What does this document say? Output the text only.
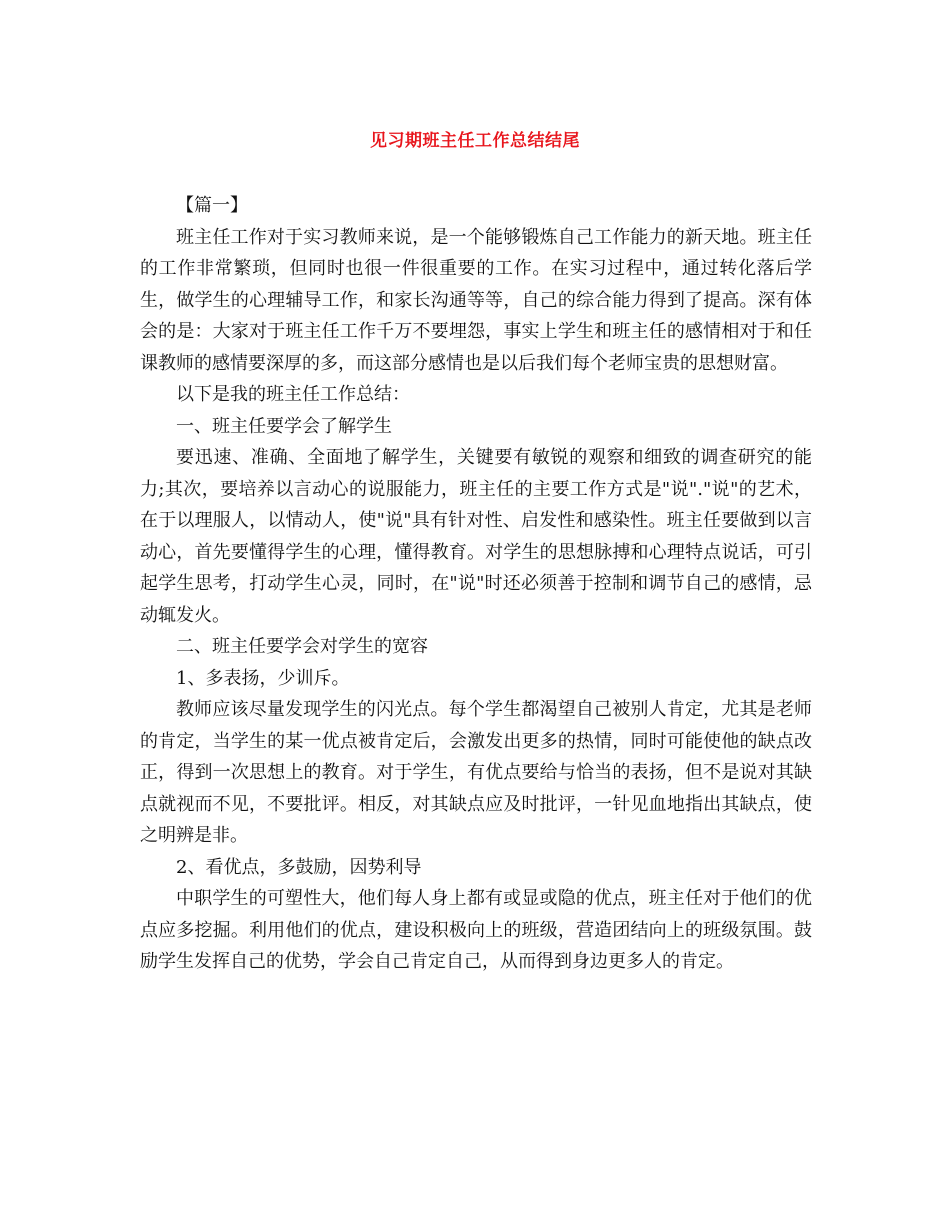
见习期班主任工作总结结尾

【篇一】

班主任工作对于实习教师来说，是一个能够锻炼自己工作能力的新天地。班主任的工作非常繁琐，但同时也很一件很重要的工作。在实习过程中，通过转化落后学生，做学生的心理辅导工作，和家长沟通等等，自己的综合能力得到了提高。深有体会的是：大家对于班主任工作千万不要埋怨，事实上学生和班主任的感情相对于和任课教师的感情要深厚的多，而这部分感情也是以后我们每个老师宝贵的思想财富。

以下是我的班主任工作总结：

一、班主任要学会了解学生

要迅速、准确、全面地了解学生，关键要有敏锐的观察和细致的调查研究的能力;其次，要培养以言动心的说服能力，班主任的主要工作方式是"说"."说"的艺术，在于以理服人，以情动人，使"说"具有针对性、启发性和感染性。班主任要做到以言动心，首先要懂得学生的心理，懂得教育。对学生的思想脉搏和心理特点说话，可引起学生思考，打动学生心灵，同时，在"说"时还必须善于控制和调节自己的感情，忌动辄发火。

二、班主任要学会对学生的宽容

1、多表扬，少训斥。

教师应该尽量发现学生的闪光点。每个学生都渴望自己被别人肯定，尤其是老师的肯定，当学生的某一优点被肯定后，会激发出更多的热情，同时可能使他的缺点改正，得到一次思想上的教育。对于学生，有优点要给与恰当的表扬，但不是说对其缺点就视而不见，不要批评。相反，对其缺点应及时批评，一针见血地指出其缺点，使之明辨是非。

2、看优点，多鼓励，因势利导

中职学生的可塑性大，他们每人身上都有或显或隐的优点，班主任对于他们的优点应多挖掘。利用他们的优点，建设积极向上的班级，营造团结向上的班级氛围。鼓励学生发挥自己的优势，学会自己肯定自己，从而得到身边更多人的肯定。
